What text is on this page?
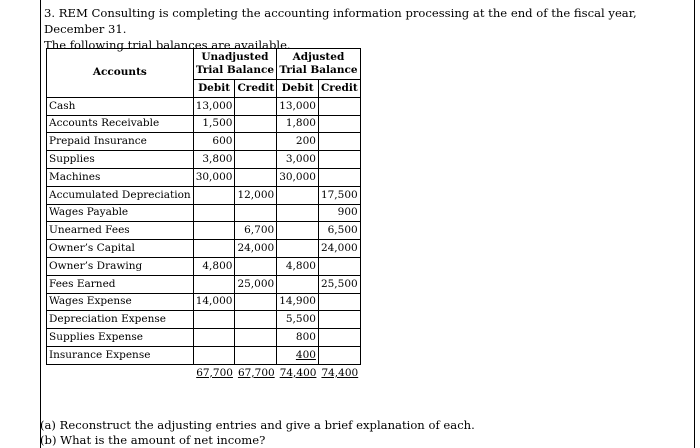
3. REM Consulting is completing the accounting information processing at the end of the fiscal year, December 31.
The following trial balances are available.
Accounts	Unadjusted Trial Balance		Adjusted Trial Balance	
	Debit	Credit	Debit	Credit
Cash	13,000		13,000	
Accounts Receivable	1,500		1,800	
Prepaid Insurance	600		200	
Supplies	3,800		3,000	
Machines	30,000		30,000	
Accumulated Depreciation		12,000		17,500
Wages Payable				900
Unearned Fees		6,700		6,500
Owner’s Capital		24,000		24,000
Owner’s Drawing	4,800		4,800	
Fees Earned		25,000		25,500
Wages Expense	14,000		14,900	
Depreciation Expense			5,500	
Supplies Expense			800	
Insurance Expense			400	
	67,700	67,700	74,400	74,400
(a) Reconstruct the adjusting entries and give a brief explanation of each.
(b) What is the amount of net income?
